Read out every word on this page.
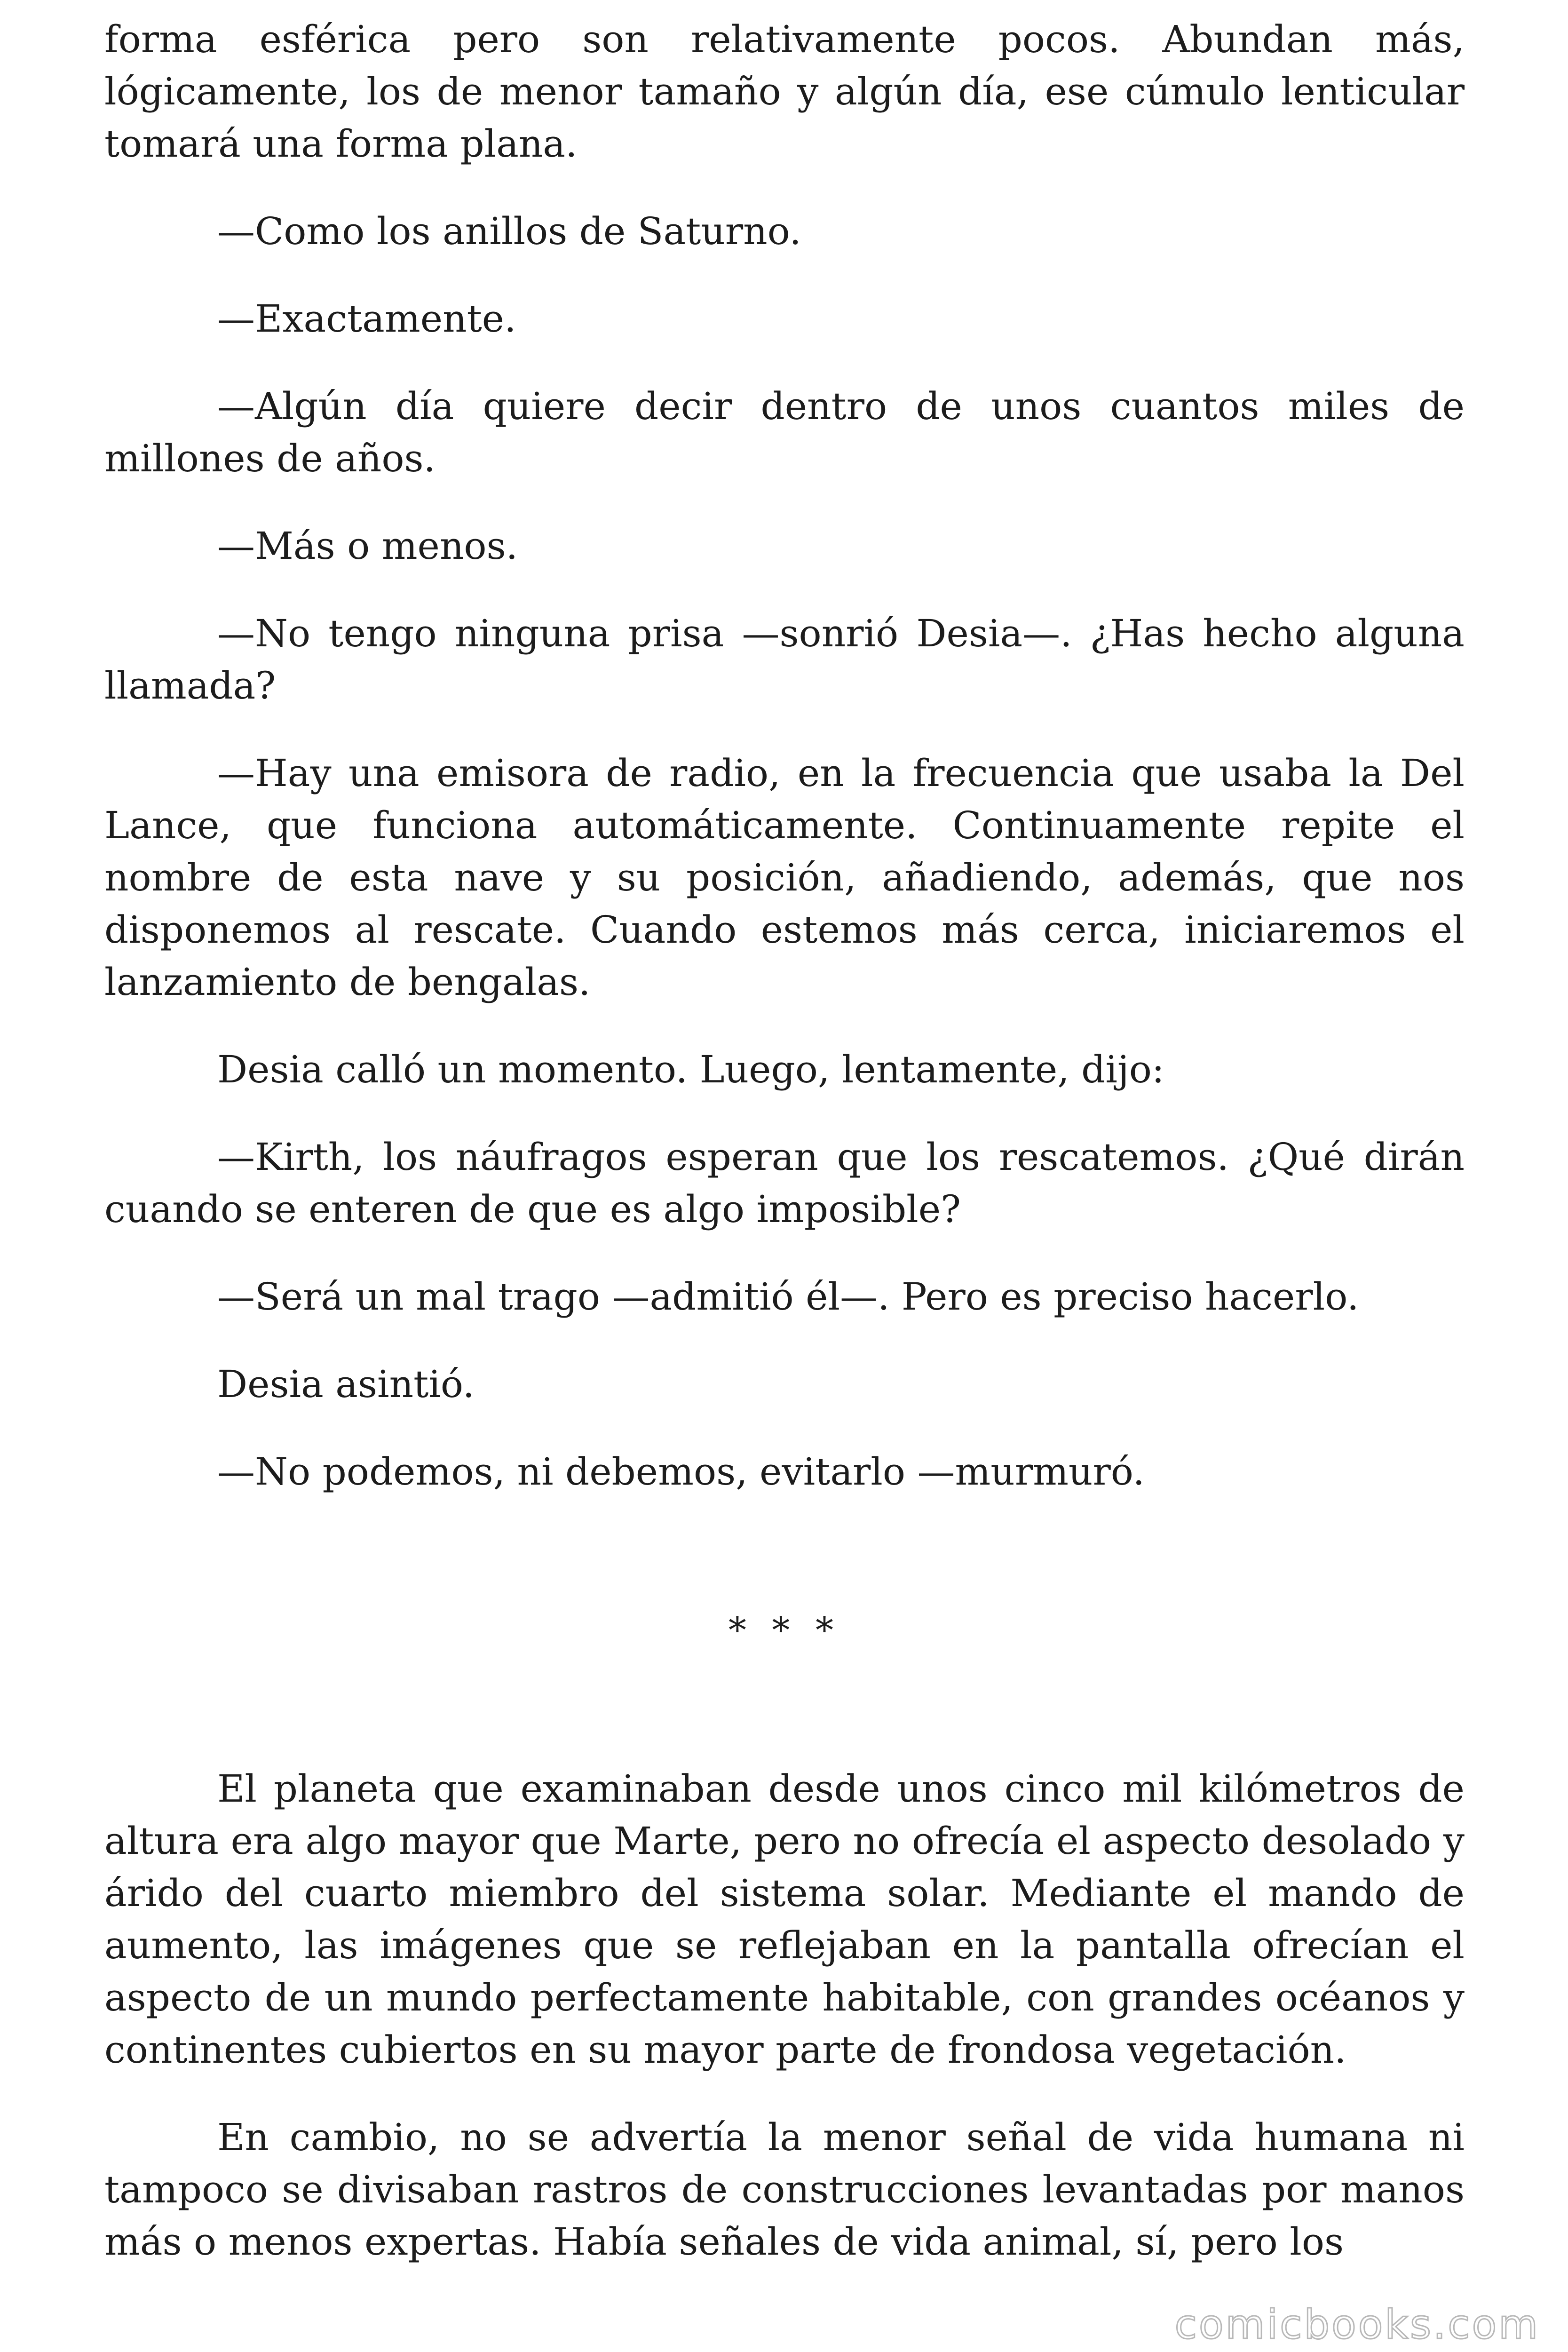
forma esférica pero son relativamente pocos. Abundan más, lógicamente, los de menor tamaño y algún día, ese cúmulo lenticular tomará una forma plana.

—Como los anillos de Saturno.

—Exactamente.

—Algún día quiere decir dentro de unos cuantos miles de millones de años.

—Más o menos.

—No tengo ninguna prisa —sonrió Desia—. ¿Has hecho alguna llamada?

—Hay una emisora de radio, en la frecuencia que usaba la Del Lance, que funciona automáticamente. Continuamente repite el nombre de esta nave y su posición, añadiendo, además, que nos disponemos al rescate. Cuando estemos más cerca, iniciaremos el lanzamiento de bengalas.

Desia calló un momento. Luego, lentamente, dijo:

—Kirth, los náufragos esperan que los rescatemos. ¿Qué dirán cuando se enteren de que es algo imposible?

—Será un mal trago —admitió él—. Pero es preciso hacerlo.

Desia asintió.

—No podemos, ni debemos, evitarlo —murmuró.

* * *

El planeta que examinaban desde unos cinco mil kilómetros de altura era algo mayor que Marte, pero no ofrecía el aspecto desolado y árido del cuarto miembro del sistema solar. Mediante el mando de aumento, las imágenes que se reflejaban en la pantalla ofrecían el aspecto de un mundo perfectamente habitable, con grandes océanos y continentes cubiertos en su mayor parte de frondosa vegetación.

En cambio, no se advertía la menor señal de vida humana ni tampoco se divisaban rastros de construcciones levantadas por manos más o menos expertas. Había señales de vida animal, sí, pero los

comicbooks.com
